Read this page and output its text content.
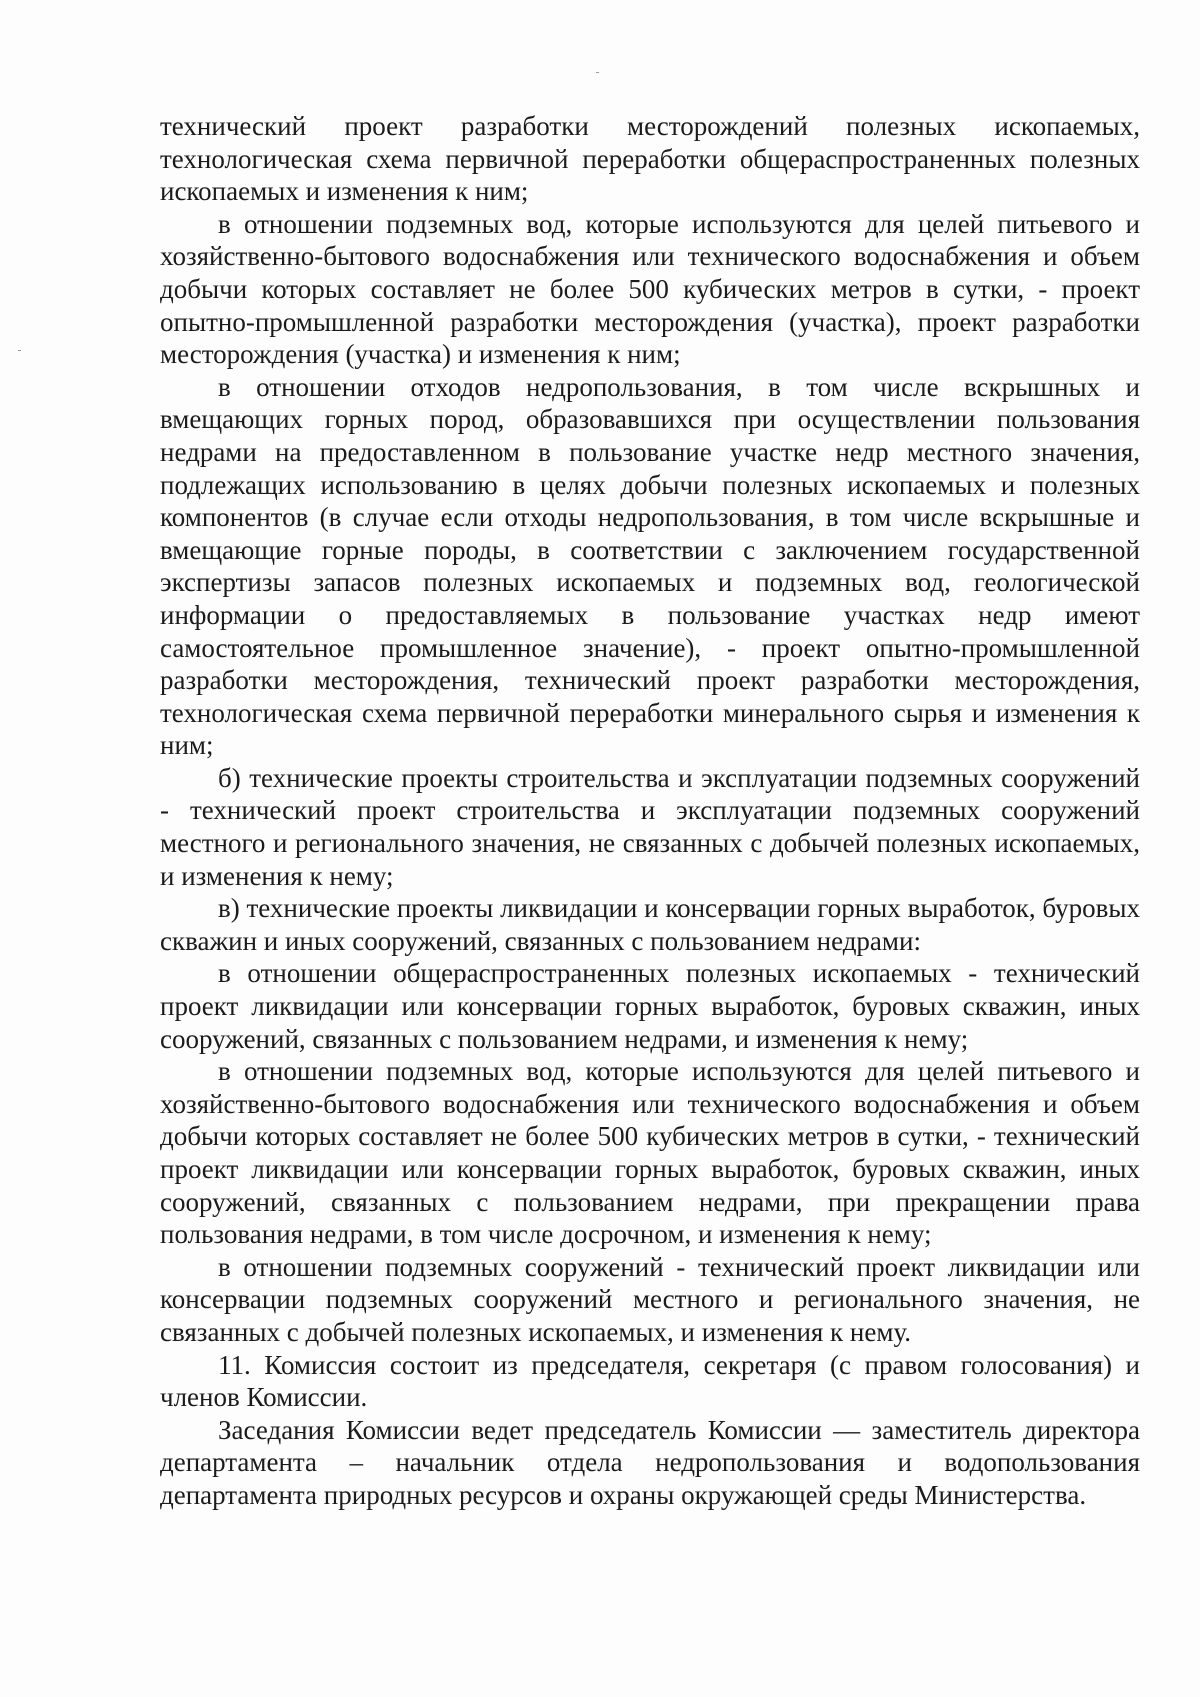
технический проект разработки месторождений полезных ископаемых, технологическая схема первичной переработки общераспространенных полезных ископаемых и изменения к ним;

в отношении подземных вод, которые используются для целей питьевого и хозяйственно-бытового водоснабжения или технического водоснабжения и объем добычи которых составляет не более 500 кубических метров в сутки, - проект опытно-промышленной разработки месторождения (участка), проект разработки месторождения (участка) и изменения к ним;

в отношении отходов недропользования, в том числе вскрышных и вмещающих горных пород, образовавшихся при осуществлении пользования недрами на предоставленном в пользование участке недр местного значения, подлежащих использованию в целях добычи полезных ископаемых и полезных компонентов (в случае если отходы недропользования, в том числе вскрышные и вмещающие горные породы, в соответствии с заключением государственной экспертизы запасов полезных ископаемых и подземных вод, геологической информации о предоставляемых в пользование участках недр имеют самостоятельное промышленное значение), - проект опытно-промышленной разработки месторождения, технический проект разработки месторождения, технологическая схема первичной переработки минерального сырья и изменения к ним;

б) технические проекты строительства и эксплуатации подземных сооружений - технический проект строительства и эксплуатации подземных сооружений местного и регионального значения, не связанных с добычей полезных ископаемых, и изменения к нему;

в) технические проекты ликвидации и консервации горных выработок, буровых скважин и иных сооружений, связанных с пользованием недрами:

в отношении общераспространенных полезных ископаемых - технический проект ликвидации или консервации горных выработок, буровых скважин, иных сооружений, связанных с пользованием недрами, и изменения к нему;

в отношении подземных вод, которые используются для целей питьевого и хозяйственно-бытового водоснабжения или технического водоснабжения и объем добычи которых составляет не более 500 кубических метров в сутки, - технический проект ликвидации или консервации горных выработок, буровых скважин, иных сооружений, связанных с пользованием недрами, при прекращении права пользования недрами, в том числе досрочном, и изменения к нему;

в отношении подземных сооружений - технический проект ликвидации или консервации подземных сооружений местного и регионального значения, не связанных с добычей полезных ископаемых, и изменения к нему.

11. Комиссия состоит из председателя, секретаря (с правом голосования) и членов Комиссии.

Заседания Комиссии ведет председатель Комиссии — заместитель директора департамента – начальник отдела недропользования и водопользования департамента природных ресурсов и охраны окружающей среды Министерства.
